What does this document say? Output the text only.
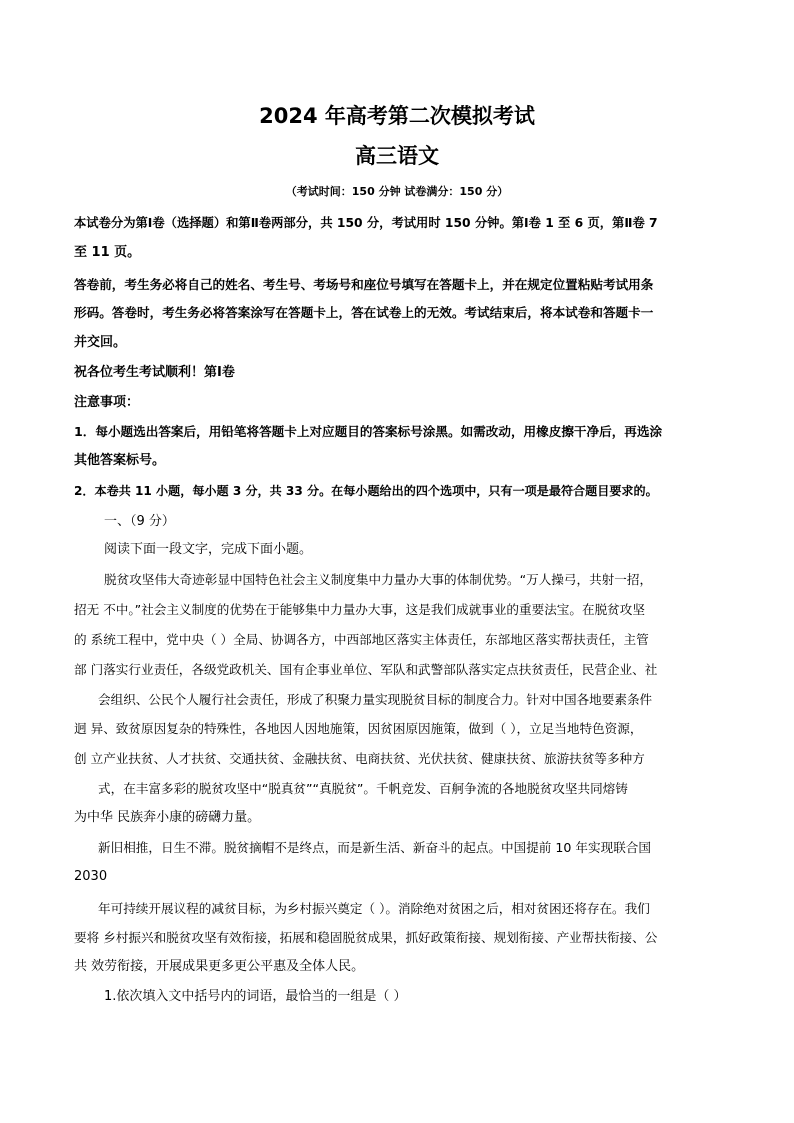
2024 年高考第二次模拟考试
高三语文
（考试时间：150 分钟 试卷满分：150 分）
本试卷分为第Ⅰ卷（选择题）和第Ⅱ卷两部分，共 150 分，考试用时 150 分钟。第Ⅰ卷 1 至 6 页，第Ⅱ卷 7
至 11 页。
答卷前，考生务必将自己的姓名、考生号、考场号和座位号填写在答题卡上，并在规定位置粘贴考试用条
形码。答卷时，考生务必将答案涂写在答题卡上，答在试卷上的无效。考试结束后，将本试卷和答题卡一
并交回。
祝各位考生考试顺利！第Ⅰ卷
注意事项：
1．每小题选出答案后，用铅笔将答题卡上对应题目的答案标号涂黑。如需改动，用橡皮擦干净后，再选涂
其他答案标号。
2．本卷共 11 小题，每小题 3 分，共 33 分。在每小题给出的四个选项中，只有一项是最符合题目要求的。
一、（9 分）
阅读下面一段文字，完成下面小题。
脱贫攻坚伟大奇迹彰显中国特色社会主义制度集中力量办大事的体制优势。“万人操弓，共射一招，
招无 不中。”社会主义制度的优势在于能够集中力量办大事，这是我们成就事业的重要法宝。在脱贫攻坚
的 系统工程中，党中央（ ）全局、协调各方，中西部地区落实主体责任，东部地区落实帮扶责任，主管
部 门落实行业责任，各级党政机关、国有企事业单位、军队和武警部队落实定点扶贫责任，民营企业、社
会组织、公民个人履行社会责任，形成了积聚力量实现脱贫目标的制度合力。针对中国各地要素条件
迥 异、致贫原因复杂的特殊性，各地因人因地施策，因贫困原因施策，做到（ ），立足当地特色资源，
创 立产业扶贫、人才扶贫、交通扶贫、金融扶贫、电商扶贫、光伏扶贫、健康扶贫、旅游扶贫等多种方
式，在丰富多彩的脱贫攻坚中“脱真贫”“真脱贫”。千帆竞发、百舸争流的各地脱贫攻坚共同熔铸
为中华 民族奔小康的磅礴力量。
新旧相推，日生不滞。脱贫摘帽不是终点，而是新生活、新奋斗的起点。中国提前 10 年实现联合国
2030
年可持续开展议程的减贫目标，为乡村振兴奠定（ ）。消除绝对贫困之后，相对贫困还将存在。我们
要将 乡村振兴和脱贫攻坚有效衔接，拓展和稳固脱贫成果，抓好政策衔接、规划衔接、产业帮扶衔接、公
共 效劳衔接，开展成果更多更公平惠及全体人民。
1.依次填入文中括号内的词语，最恰当的一组是（ ）
